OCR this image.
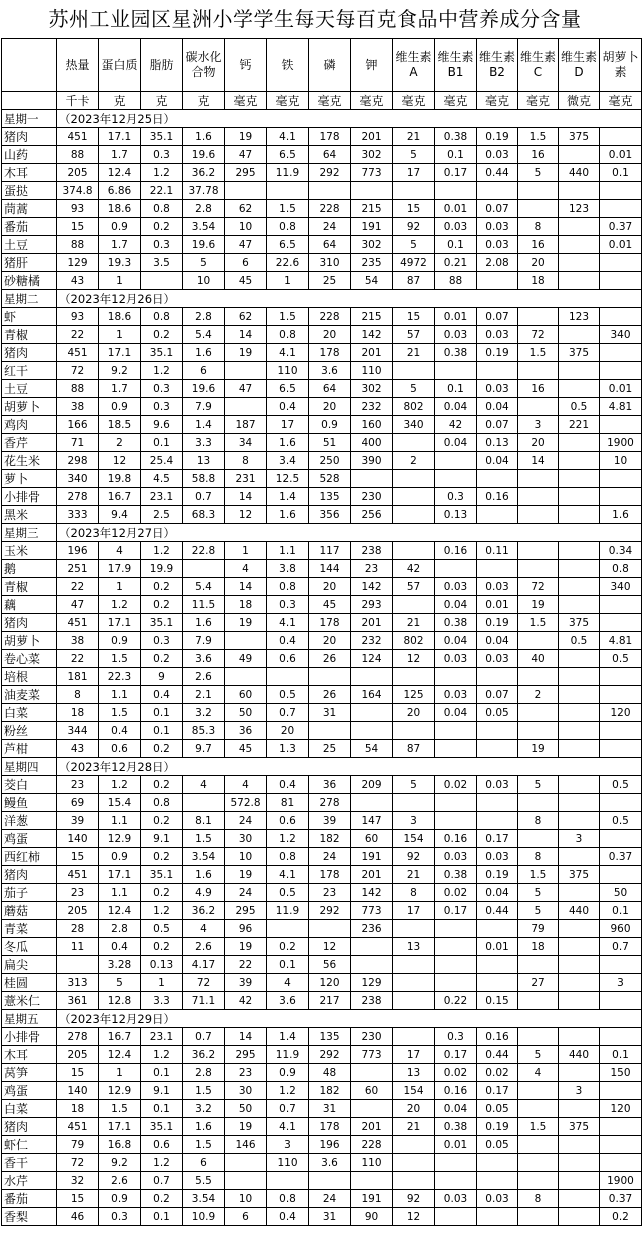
苏州工业园区星洲小学学生每天每百克食品中营养成分含量
	热量	蛋白质	脂肪	碳水化合物	钙	铁	磷	钾	维生素A	维生素B1	维生素B2	维生素C	维生素D	胡萝卜素
	千卡	克	克	克	毫克	毫克	毫克	毫克	毫克	毫克	毫克	毫克	微克	毫克
星期一	（2023年12月25日）													
猪肉	451	17.1	35.1	1.6	19	4.1	178	201	21	0.38	0.19	1.5	375	
山药	88	1.7	0.3	19.6	47	6.5	64	302	5	0.1	0.03	16		0.01
木耳	205	12.4	1.2	36.2	295	11.9	292	773	17	0.17	0.44	5	440	0.1
蛋挞	374.8	6.86	22.1	37.78										
茼蒿	93	18.6	0.8	2.8	62	1.5	228	215	15	0.01	0.07		123	
番茄	15	0.9	0.2	3.54	10	0.8	24	191	92	0.03	0.03	8		0.37
土豆	88	1.7	0.3	19.6	47	6.5	64	302	5	0.1	0.03	16		0.01
猪肝	129	19.3	3.5	5	6	22.6	310	235	4972	0.21	2.08	20		
砂糖橘	43	1		10	45	1	25	54	87	88		18		
星期二	（2023年12月26日）													
虾	93	18.6	0.8	2.8	62	1.5	228	215	15	0.01	0.07		123	
青椒	22	1	0.2	5.4	14	0.8	20	142	57	0.03	0.03	72		340
猪肉	451	17.1	35.1	1.6	19	4.1	178	201	21	0.38	0.19	1.5	375	
红干	72	9.2	1.2	6		110	3.6	110						
土豆	88	1.7	0.3	19.6	47	6.5	64	302	5	0.1	0.03	16		0.01
胡萝卜	38	0.9	0.3	7.9		0.4	20	232	802	0.04	0.04		0.5	4.81
鸡肉	166	18.5	9.6	1.4	187	17	0.9	160	340	42	0.07	3	221	
香芹	71	2	0.1	3.3	34	1.6	51	400		0.04	0.13	20		1900
花生米	298	12	25.4	13	8	3.4	250	390	2		0.04	14		10
萝卜	340	19.8	4.5	58.8	231	12.5	528							
小排骨	278	16.7	23.1	0.7	14	1.4	135	230		0.3	0.16			
黑米	333	9.4	2.5	68.3	12	1.6	356	256		0.13				1.6
星期三	（2023年12月27日）													
玉米	196	4	1.2	22.8	1	1.1	117	238		0.16	0.11			0.34
鹅	251	17.9	19.9		4	3.8	144	23	42					0.8
青椒	22	1	0.2	5.4	14	0.8	20	142	57	0.03	0.03	72		340
藕	47	1.2	0.2	11.5	18	0.3	45	293		0.04	0.01	19		
猪肉	451	17.1	35.1	1.6	19	4.1	178	201	21	0.38	0.19	1.5	375	
胡萝卜	38	0.9	0.3	7.9		0.4	20	232	802	0.04	0.04		0.5	4.81
卷心菜	22	1.5	0.2	3.6	49	0.6	26	124	12	0.03	0.03	40		0.5
培根	181	22.3	9	2.6										
油麦菜	8	1.1	0.4	2.1	60	0.5	26	164	125	0.03	0.07	2		
白菜	18	1.5	0.1	3.2	50	0.7	31		20	0.04	0.05			120
粉丝	344	0.4	0.1	85.3	36	20								
芦柑	43	0.6	0.2	9.7	45	1.3	25	54	87			19		
星期四	（2023年12月28日）													
茭白	23	1.2	0.2	4	4	0.4	36	209	5	0.02	0.03	5		0.5
鳗鱼	69	15.4	0.8		572.8	81	278							
洋葱	39	1.1	0.2	8.1	24	0.6	39	147	3			8		0.5
鸡蛋	140	12.9	9.1	1.5	30	1.2	182	60	154	0.16	0.17		3	
西红柿	15	0.9	0.2	3.54	10	0.8	24	191	92	0.03	0.03	8		0.37
猪肉	451	17.1	35.1	1.6	19	4.1	178	201	21	0.38	0.19	1.5	375	
茄子	23	1.1	0.2	4.9	24	0.5	23	142	8	0.02	0.04	5		50
蘑菇	205	12.4	1.2	36.2	295	11.9	292	773	17	0.17	0.44	5	440	0.1
青菜	28	2.8	0.5	4	96			236				79		960
冬瓜	11	0.4	0.2	2.6	19	0.2	12		13		0.01	18		0.7
扁尖		3.28	0.13	4.17	22	0.1	56							
桂圆	313	5	1	72	39	4	120	129				27		3
薏米仁	361	12.8	3.3	71.1	42	3.6	217	238		0.22	0.15			
星期五	（2023年12月29日）													
小排骨	278	16.7	23.1	0.7	14	1.4	135	230		0.3	0.16			
木耳	205	12.4	1.2	36.2	295	11.9	292	773	17	0.17	0.44	5	440	0.1
莴笋	15	1	0.1	2.8	23	0.9	48		13	0.02	0.02	4		150
鸡蛋	140	12.9	9.1	1.5	30	1.2	182	60	154	0.16	0.17		3	
白菜	18	1.5	0.1	3.2	50	0.7	31		20	0.04	0.05			120
猪肉	451	17.1	35.1	1.6	19	4.1	178	201	21	0.38	0.19	1.5	375	
虾仁	79	16.8	0.6	1.5	146	3	196	228		0.01	0.05			
香干	72	9.2	1.2	6		110	3.6	110						
水芹	32	2.6	0.7	5.5										1900
番茄	15	0.9	0.2	3.54	10	0.8	24	191	92	0.03	0.03	8		0.37
香梨	46	0.3	0.1	10.9	6	0.4	31	90	12					0.2
